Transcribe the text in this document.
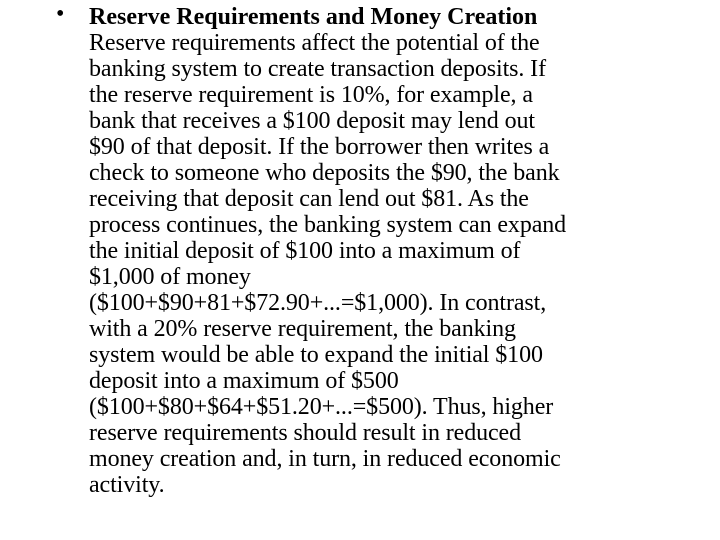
• Reserve Requirements and Money Creation
Reserve requirements affect the potential of the
banking system to create transaction deposits. If
the reserve requirement is 10%, for example, a
bank that receives a $100 deposit may lend out
$90 of that deposit. If the borrower then writes a
check to someone who deposits the $90, the bank
receiving that deposit can lend out $81. As the
process continues, the banking system can expand
the initial deposit of $100 into a maximum of
$1,000 of money
($100+$90+81+$72.90+...=$1,000). In contrast,
with a 20% reserve requirement, the banking
system would be able to expand the initial $100
deposit into a maximum of $500
($100+$80+$64+$51.20+...=$500). Thus, higher
reserve requirements should result in reduced
money creation and, in turn, in reduced economic
activity.
